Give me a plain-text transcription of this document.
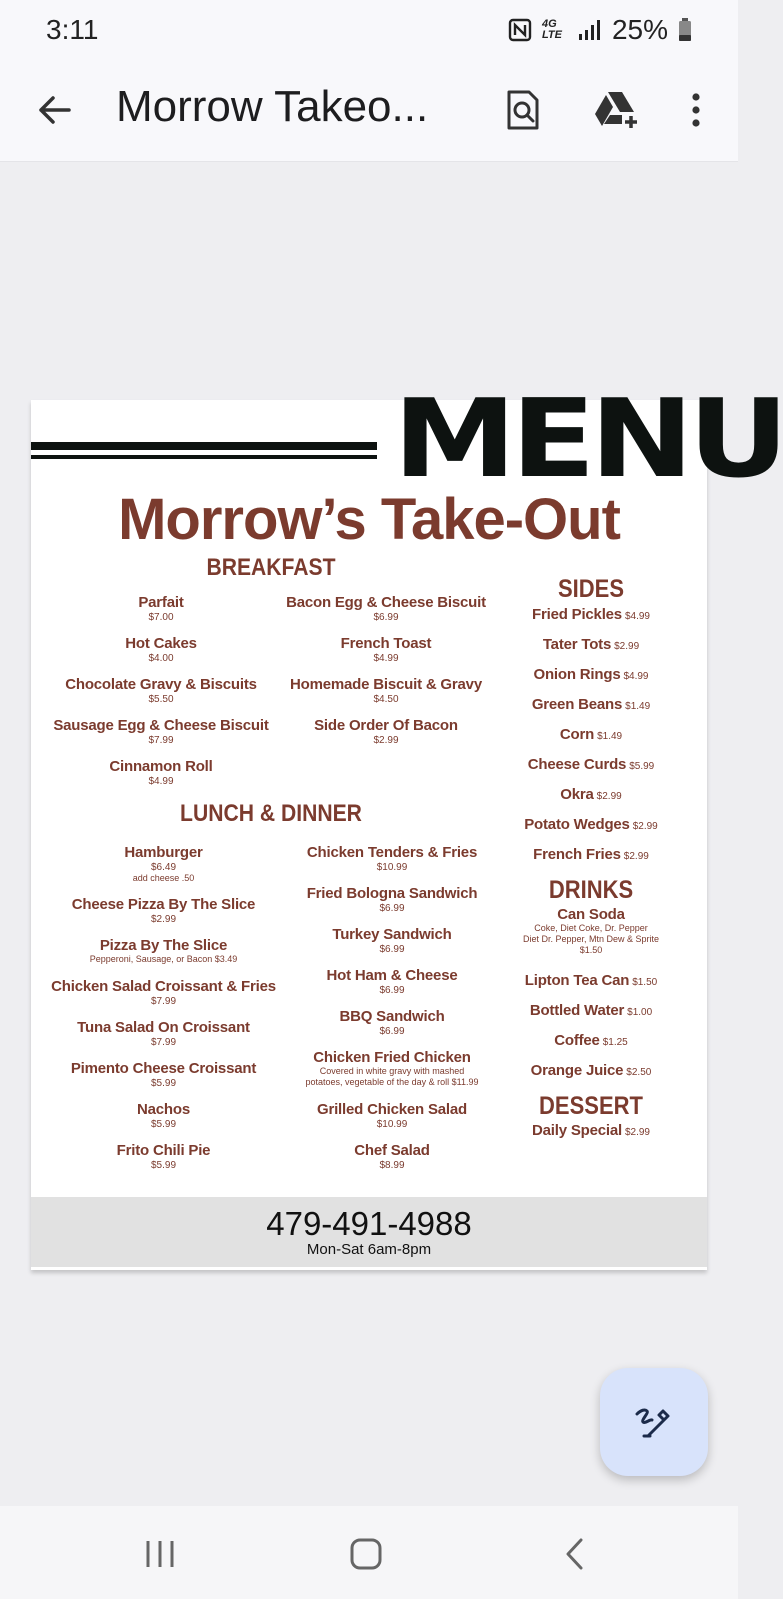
3:11	4G
LTE 25%
Morrow Takeo...
MENU
Morrow’s Take-Out
BREAKFAST
Parfait
$7.00
Hot Cakes
$4.00
Chocolate Gravy & Biscuits
$5.50
Sausage Egg & Cheese Biscuit
$7.99
Cinnamon Roll
$4.99
Bacon Egg & Cheese Biscuit
$6.99
French Toast
$4.99
Homemade Biscuit & Gravy
$4.50
Side Order Of Bacon
$2.99
LUNCH & DINNER
Hamburger
$6.49
add cheese .50
Cheese Pizza By The Slice
$2.99
Pizza By The Slice
Pepperoni, Sausage, or Bacon $3.49
Chicken Salad Croissant & Fries
$7.99
Tuna Salad On Croissant
$7.99
Pimento Cheese Croissant
$5.99
Nachos
$5.99
Frito Chili Pie
$5.99
Chicken Tenders & Fries
$10.99
Fried Bologna Sandwich
$6.99
Turkey Sandwich
$6.99
Hot Ham & Cheese
$6.99
BBQ Sandwich
$6.99
Chicken Fried Chicken
Covered in white gravy with mashed
potatoes, vegetable of the day & roll $11.99
Grilled Chicken Salad
$10.99
Chef Salad
$8.99
SIDES
Fried Pickles $4.99
Tater Tots $2.99
Onion Rings $4.99
Green Beans $1.49
Corn $1.49
Cheese Curds $5.99
Okra $2.99
Potato Wedges $2.99
French Fries $2.99
DRINKS
Can Soda
Coke, Diet Coke, Dr. Pepper
Diet Dr. Pepper, Mtn Dew & Sprite
$1.50
Lipton Tea Can $1.50
Bottled Water $1.00
Coffee $1.25
Orange Juice $2.50
DESSERT
Daily Special $2.99
479-491-4988
Mon-Sat 6am-8pm
